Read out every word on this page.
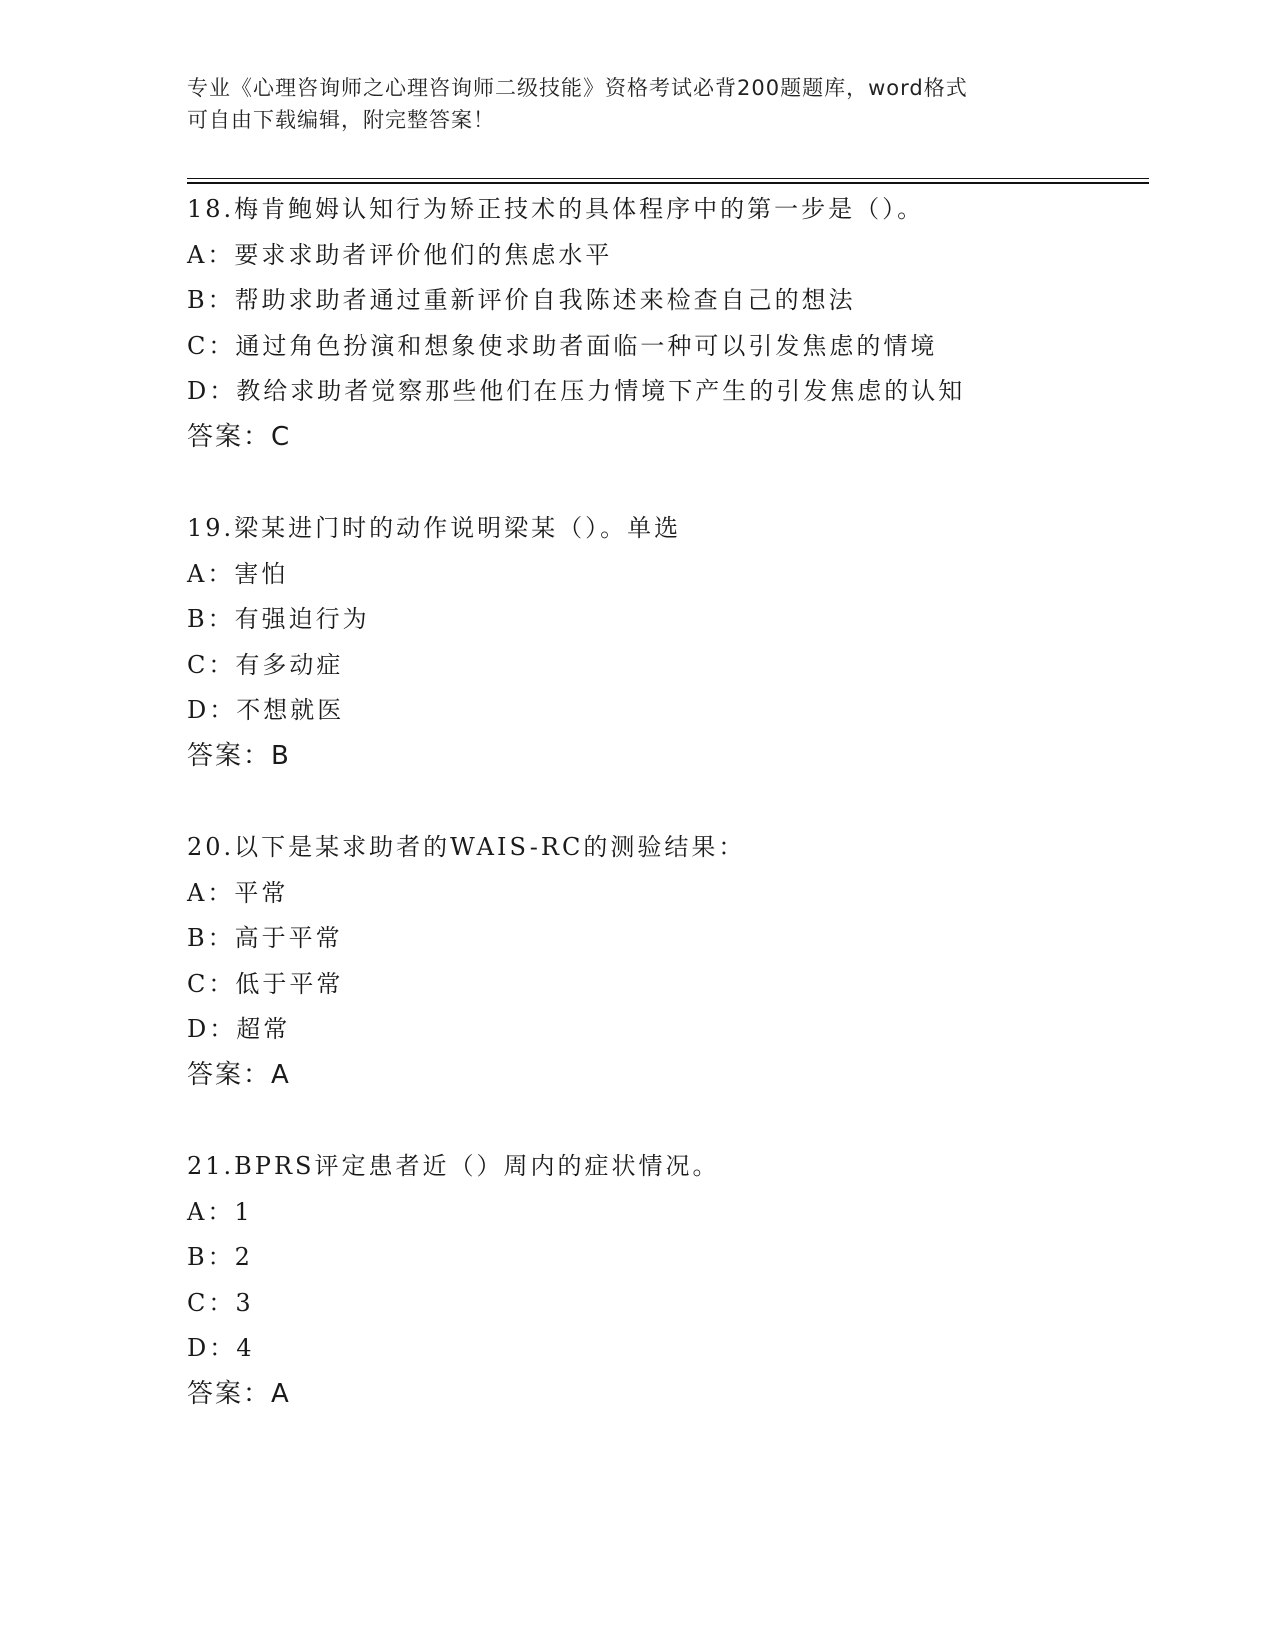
专业《心理咨询师之心理咨询师二级技能》资格考试必背200题题库，word格式
可自由下载编辑，附完整答案！
18.梅肯鲍姆认知行为矫正技术的具体程序中的第一步是（）。
A：要求求助者评价他们的焦虑水平
B：帮助求助者通过重新评价自我陈述来检查自己的想法
C：通过角色扮演和想象使求助者面临一种可以引发焦虑的情境
D：教给求助者觉察那些他们在压力情境下产生的引发焦虑的认知
答案：C
19.梁某进门时的动作说明梁某（）。单选
A：害怕
B：有强迫行为
C：有多动症
D：不想就医
答案：B
20.以下是某求助者的WAIS-RC的测验结果：
A：平常
B：高于平常
C：低于平常
D：超常
答案：A
21.BPRS评定患者近（）周内的症状情况。
A：1
B：2
C：3
D：4
答案：A
